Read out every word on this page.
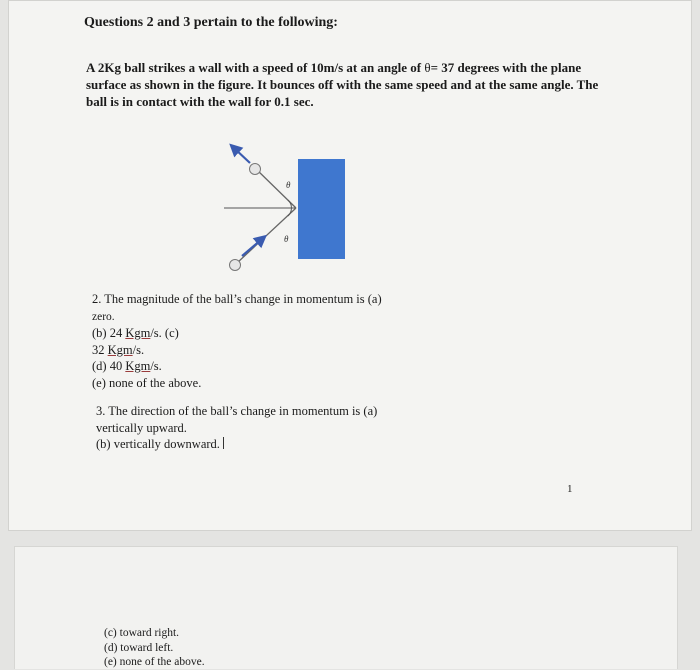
Questions 2 and 3 pertain to the following:
A 2Kg ball strikes a wall with a speed of 10m/s at an angle of θ= 37 degrees with the plane surface as shown in the figure. It bounces off with the same speed and at the same angle. The ball is in contact with the wall for 0.1 sec.
θ
θ
2. The magnitude of the ball’s change in momentum is (a)
zero.
(b) 24 Kgm/s. (c)
32 Kgm/s.
(d) 40 Kgm/s.
(e) none of the above.
3. The direction of the ball’s change in momentum is (a)
vertically upward.
(b) vertically downward.
1
(c) toward right.
(d) toward left.
(e) none of the above.
